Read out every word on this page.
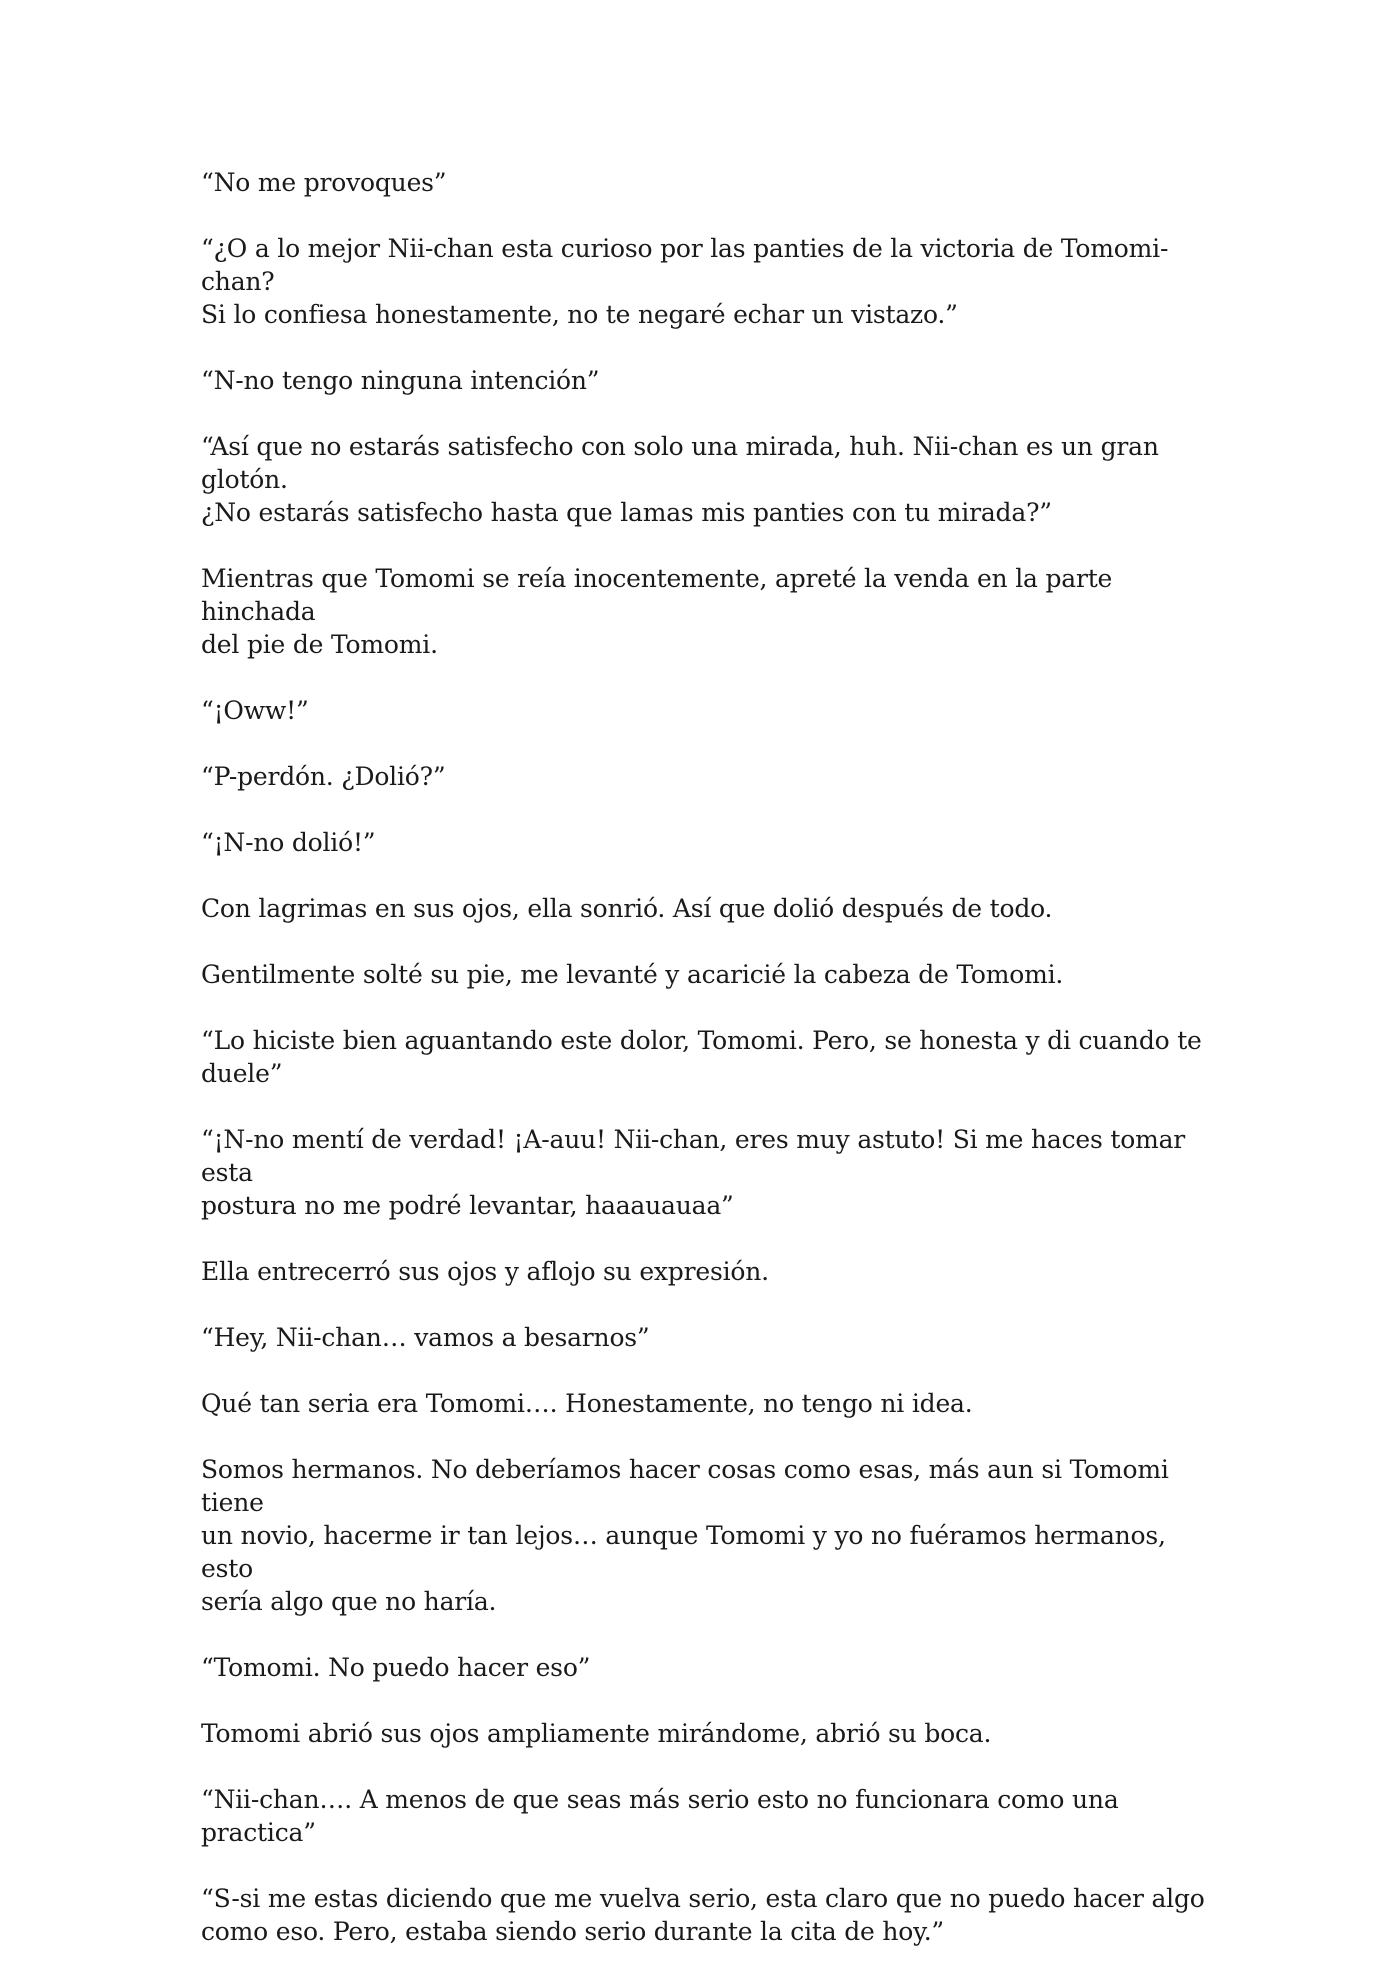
“No me provoques”

“¿O a lo mejor Nii-chan esta curioso por las panties de la victoria de Tomomi-chan?
Si lo confiesa honestamente, no te negaré echar un vistazo.”

“N-no tengo ninguna intención”

“Así que no estarás satisfecho con solo una mirada, huh. Nii-chan es un gran glotón.
¿No estarás satisfecho hasta que lamas mis panties con tu mirada?”

Mientras que Tomomi se reía inocentemente, apreté la venda en la parte hinchada
del pie de Tomomi.

“¡Oww!”

“P-perdón. ¿Dolió?”

“¡N-no dolió!”

Con lagrimas en sus ojos, ella sonrió. Así que dolió después de todo.

Gentilmente solté su pie, me levanté y acaricié la cabeza de Tomomi.

“Lo hiciste bien aguantando este dolor, Tomomi. Pero, se honesta y di cuando te
duele”

“¡N-no mentí de verdad! ¡A-auu! Nii-chan, eres muy astuto! Si me haces tomar esta
postura no me podré levantar, haaauauaa”

Ella entrecerró sus ojos y aflojo su expresión.

“Hey, Nii-chan… vamos a besarnos”

Qué tan seria era Tomomi…. Honestamente, no tengo ni idea.

Somos hermanos. No deberíamos hacer cosas como esas, más aun si Tomomi tiene
un novio, hacerme ir tan lejos… aunque Tomomi y yo no fuéramos hermanos, esto
sería algo que no haría.

“Tomomi. No puedo hacer eso”

Tomomi abrió sus ojos ampliamente mirándome, abrió su boca.

“Nii-chan…. A menos de que seas más serio esto no funcionara como una practica”

“S-si me estas diciendo que me vuelva serio, esta claro que no puedo hacer algo
como eso. Pero, estaba siendo serio durante la cita de hoy.”
